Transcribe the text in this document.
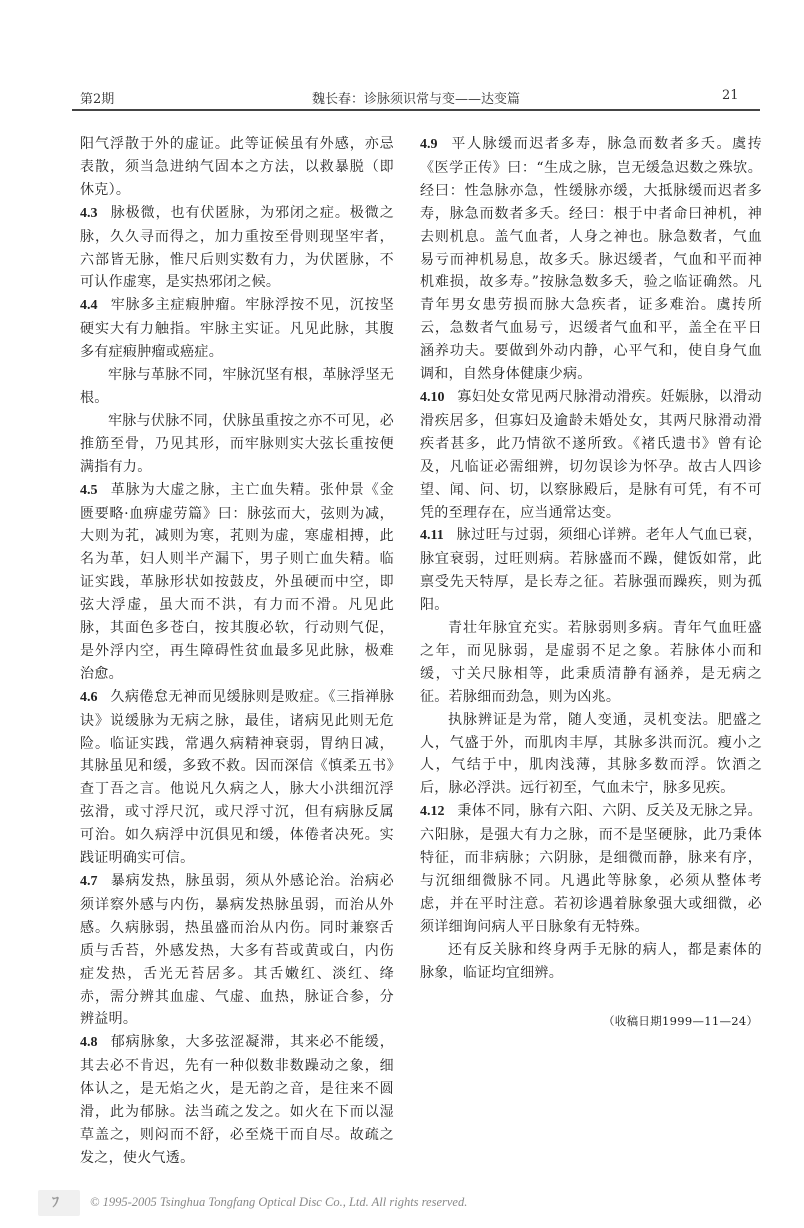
第2期	魏长春：诊脉须识常与变——达变篇	21

阳气浮散于外的虚证。此等证候虽有外感，亦忌表散，须当急进纳气固本之方法，以救暴脱（即休克）。

4.3 脉极微，也有伏匿脉，为邪闭之症。极微之脉，久久寻而得之，加力重按至骨则现坚牢者，六部皆无脉，惟尺后则实数有力，为伏匿脉，不可认作虚寒，是实热邪闭之候。

4.4 牢脉多主症瘕肿瘤。牢脉浮按不见，沉按坚硬实大有力触指。牢脉主实证。凡见此脉，其腹多有症瘕肿瘤或癌症。

牢脉与革脉不同，牢脉沉坚有根，革脉浮坚无根。

牢脉与伏脉不同，伏脉虽重按之亦不可见，必推筋至骨，乃见其形，而牢脉则实大弦长重按便满指有力。

4.5 革脉为大虚之脉，主亡血失精。张仲景《金匮要略·血痹虚劳篇》曰：脉弦而大，弦则为减，大则为芤，减则为寒，芤则为虚，寒虚相搏，此名为革，妇人则半产漏下，男子则亡血失精。临证实践，革脉形状如按鼓皮，外虽硬而中空，即弦大浮虚，虽大而不洪，有力而不滑。凡见此脉，其面色多苍白，按其腹必软，行动则气促，是外浮内空，再生障碍性贫血最多见此脉，极难治愈。

4.6 久病倦怠无神而见缓脉则是败症。《三指禅脉诀》说缓脉为无病之脉，最佳，诸病见此则无危险。临证实践，常遇久病精神衰弱，胃纳日减，其脉虽见和缓，多致不救。因而深信《慎柔五书》查丁吾之言。他说凡久病之人，脉大小洪细沉浮弦滑，或寸浮尺沉，或尺浮寸沉，但有病脉反属可治。如久病浮中沉俱见和缓，体倦者决死。实践证明确实可信。

4.7 暴病发热，脉虽弱，须从外感论治。治病必须详察外感与内伤，暴病发热脉虽弱，而治从外感。久病脉弱，热虽盛而治从内伤。同时兼察舌质与舌苔，外感发热，大多有苔或黄或白，内伤症发热，舌光无苔居多。其舌嫩红、淡红、绛赤，需分辨其血虚、气虚、血热，脉证合参，分辨益明。

4.8 郁病脉象，大多弦涩凝滞，其来必不能缓，其去必不肯迟，先有一种似数非数躁动之象，细体认之，是无焰之火，是无韵之音，是往来不圆滑，此为郁脉。法当疏之发之。如火在下而以湿草盖之，则闷而不舒，必至烧干而自尽。故疏之发之，使火气透。

4.9 平人脉缓而迟者多寿，脉急而数者多夭。虞抟《医学正传》曰：“生成之脉，岂无缓急迟数之殊欤。经曰：性急脉亦急，性缓脉亦缓，大抵脉缓而迟者多寿，脉急而数者多夭。经曰：根于中者命曰神机，神去则机息。盖气血者，人身之神也。脉急数者，气血易亏而神机易息，故多夭。脉迟缓者，气血和平而神机难损，故多寿。”按脉急数多夭，验之临证确然。凡青年男女患劳损而脉大急疾者，证多难治。虞抟所云，急数者气血易亏，迟缓者气血和平，盖全在平日涵养功夫。要做到外动内静，心平气和，使自身气血调和，自然身体健康少病。

4.10 寡妇处女常见两尺脉滑动滑疾。妊娠脉，以滑动滑疾居多，但寡妇及逾龄未婚处女，其两尺脉滑动滑疾者甚多，此乃情欲不遂所致。《褚氏遗书》曾有论及，凡临证必需细辨，切勿误诊为怀孕。故古人四诊望、闻、问、切，以察脉殿后，是脉有可凭，有不可凭的至理存在，应当通常达变。

4.11 脉过旺与过弱，须细心详辨。老年人气血已衰，脉宜衰弱，过旺则病。若脉盛而不躁，健饭如常，此禀受先天特厚，是长寿之征。若脉强而躁疾，则为孤阳。

青壮年脉宜充实。若脉弱则多病。青年气血旺盛之年，而见脉弱，是虚弱不足之象。若脉体小而和缓，寸关尺脉相等，此秉质清静有涵养，是无病之征。若脉细而劲急，则为凶兆。

执脉辨证是为常，随人变通，灵机变法。肥盛之人，气盛于外，而肌肉丰厚，其脉多洪而沉。瘦小之人，气结于中，肌肉浅薄，其脉多数而浮。饮酒之后，脉必浮洪。远行初至，气血未宁，脉多见疾。

4.12 秉体不同，脉有六阳、六阴、反关及无脉之异。六阳脉，是强大有力之脉，而不是坚硬脉，此乃秉体特征，而非病脉；六阴脉，是细微而静，脉来有序，与沉细细微脉不同。凡遇此等脉象，必须从整体考虑，并在平时注意。若初诊遇着脉象强大或细微，必须详细询问病人平日脉象有无特殊。

还有反关脉和终身两手无脉的病人，都是素体的脉象，临证均宜细辨。

（收稿日期1999—11—24）
ﾌ © 1995-2005 Tsinghua Tongfang Optical Disc Co., Ltd. All rights reserved.
